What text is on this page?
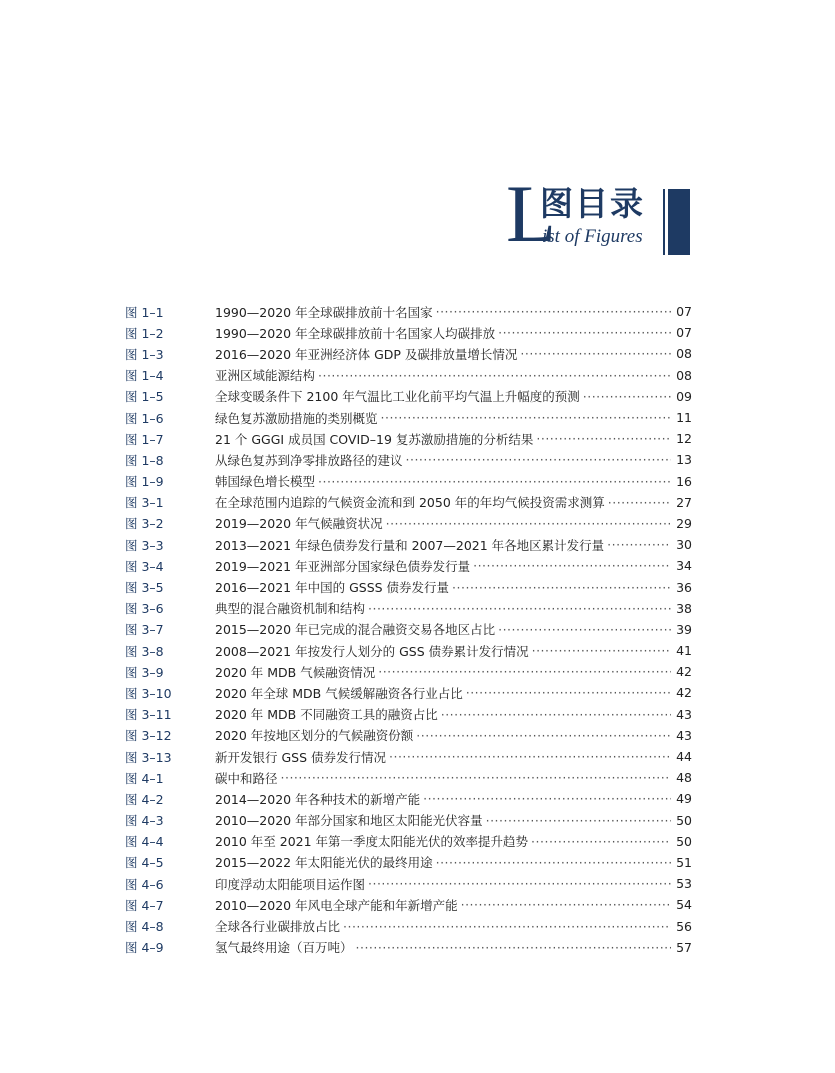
L
图目录
ist of Figures
图 1–1	1990—2020 年全球碳排放前十名国家 ·····	07
图 1–2	1990—2020 年全球碳排放前十名国家人均碳排放 ·····	07
图 1–3	2016—2020 年亚洲经济体 GDP 及碳排放量增长情况 ·····	08
图 1–4	亚洲区域能源结构 ·····	08
图 1–5	全球变暖条件下 2100 年气温比工业化前平均气温上升幅度的预测 ·····	09
图 1–6	绿色复苏激励措施的类别概览 ·····	11
图 1–7	21 个 GGGI 成员国 COVID–19 复苏激励措施的分析结果 ·····	12
图 1–8	从绿色复苏到净零排放路径的建议 ·····	13
图 1–9	韩国绿色增长模型 ·····	16
图 3–1	在全球范围内追踪的气候资金流和到 2050 年的年均气候投资需求测算 ·····	27
图 3–2	2019—2020 年气候融资状况 ·····	29
图 3–3	2013—2021 年绿色债券发行量和 2007—2021 年各地区累计发行量 ·····	30
图 3–4	2019—2021 年亚洲部分国家绿色债券发行量 ·····	34
图 3–5	2016—2021 年中国的 GSSS 债券发行量 ·····	36
图 3–6	典型的混合融资机制和结构 ·····	38
图 3–7	2015—2020 年已完成的混合融资交易各地区占比 ·····	39
图 3–8	2008—2021 年按发行人划分的 GSS 债券累计发行情况 ·····	41
图 3–9	2020 年 MDB 气候融资情况 ·····	42
图 3–10	2020 年全球 MDB 气候缓解融资各行业占比 ·····	42
图 3–11	2020 年 MDB 不同融资工具的融资占比 ·····	43
图 3–12	2020 年按地区划分的气候融资份额 ·····	43
图 3–13	新开发银行 GSS 债券发行情况 ·····	44
图 4–1	碳中和路径 ·····	48
图 4–2	2014—2020 年各种技术的新增产能 ·····	49
图 4–3	2010—2020 年部分国家和地区太阳能光伏容量 ·····	50
图 4–4	2010 年至 2021 年第一季度太阳能光伏的效率提升趋势 ·····	50
图 4–5	2015—2022 年太阳能光伏的最终用途 ·····	51
图 4–6	印度浮动太阳能项目运作图 ·····	53
图 4–7	2010—2020 年风电全球产能和年新增产能 ·····	54
图 4–8	全球各行业碳排放占比 ·····	56
图 4–9	氢气最终用途（百万吨） ·····	57
